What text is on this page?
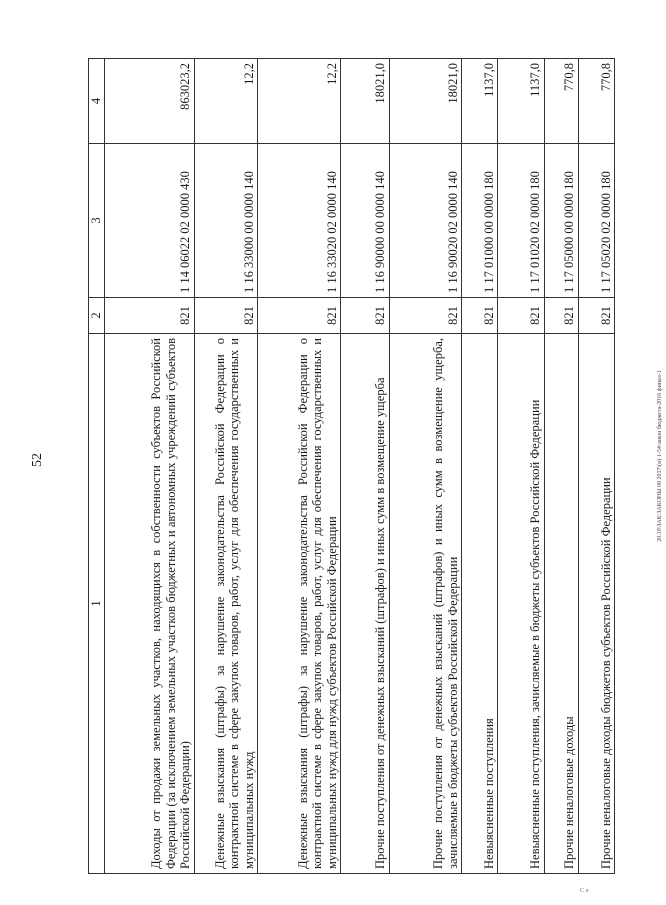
52
1	2	3	4
Доходы от продажи земельных участков, находящихся в собственности субъектов Российской Федерации (за исключением земельных участков бюджетных и автономных учреждений субъектов Российской Федерации)	821	1 14 06022 02 0000 430	863023,2
Денежные взыскания (штрафы) за нарушение законодательства Российской Федерации о контрактной системе в сфере закупок товаров, работ, услуг для обеспечения государственных и муниципальных нужд	821	1 16 33000 00 0000 140	12,2
Денежные взыскания (штрафы) за нарушение законодательства Российской Федерации о контрактной системе в сфере закупок товаров, работ, услуг для обеспечения государственных и муниципальных нужд для нужд субъектов Российской Федерации	821	1 16 33020 02 0000 140	12,2
Прочие поступления от денежных взысканий (штрафов) и иных сумм в возмещение ущерба	821	1 16 90000 00 0000 140	18021,0
Прочие поступления от денежных взысканий (штрафов) и иных сумм в возмещение ущерба, зачисляемые в бюджеты субъектов Российской Федерации	821	1 16 90020 02 0000 140	18021,0
Невыясненные поступления	821	1 17 01000 00 0000 180	1137,0
Невыясненные поступления, зачисляемые в бюджеты субъектов Российской Федерации	821	1 17 01020 02 0000 180	1137,0
Прочие неналоговые доходы	821	1 17 05000 00 0000 180	770,8
Прочие неналоговые доходы бюджетов субъектов Российской Федерации	821	1 17 05020 02 0000 180	770,8
20.10\ЗАК\ЗАКОНЫ 08 2017\(н) 1-54\закон бюджета-2016 финал-1
С л
